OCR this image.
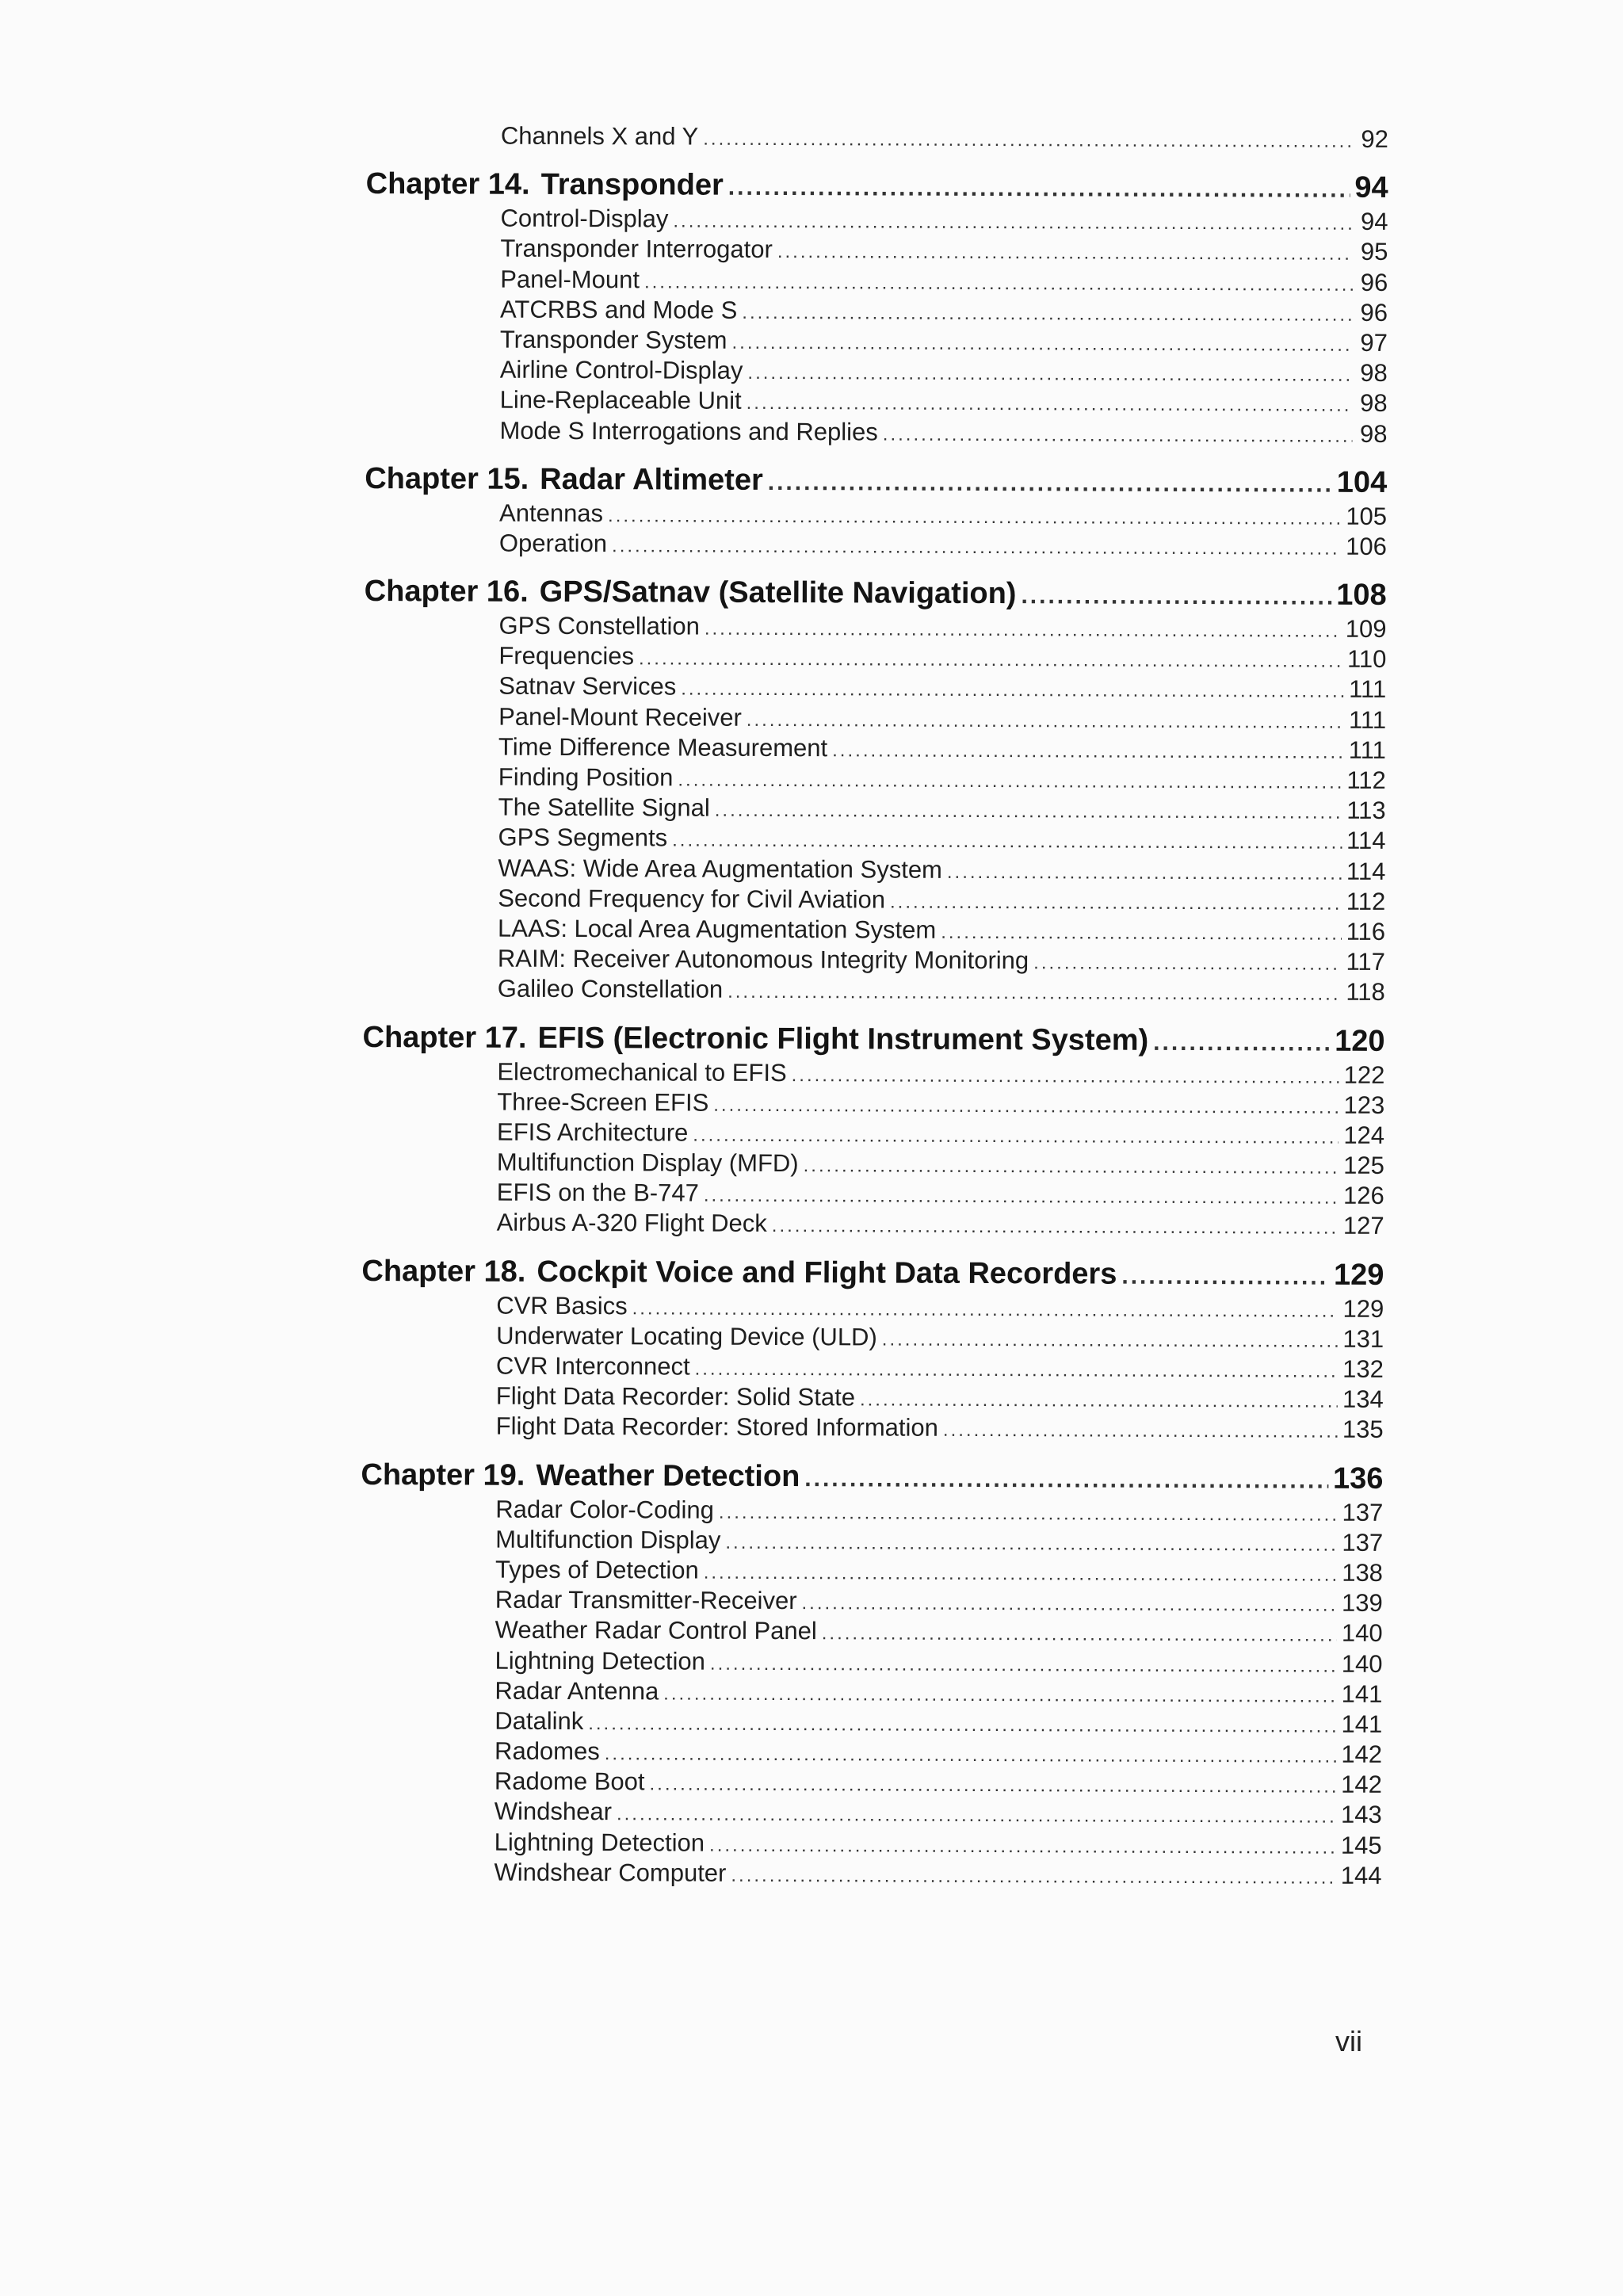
Channels X and Y .....	92
Chapter 14. Transponder .....	94
Control-Display .....	94
Transponder Interrogator .....	95
Panel-Mount .....	96
ATCRBS and Mode S .....	96
Transponder System .....	97
Airline Control-Display .....	98
Line-Replaceable Unit .....	98
Mode S Interrogations and Replies .....	98
Chapter 15. Radar Altimeter .....	104
Antennas .....	105
Operation .....	106
Chapter 16. GPS/Satnav (Satellite Navigation) .....	108
GPS Constellation .....	109
Frequencies .....	110
Satnav Services .....	111
Panel-Mount Receiver .....	111
Time Difference Measurement .....	111
Finding Position .....	112
The Satellite Signal .....	113
GPS Segments .....	114
WAAS: Wide Area Augmentation System .....	114
Second Frequency for Civil Aviation .....	112
LAAS: Local Area Augmentation System .....	116
RAIM: Receiver Autonomous Integrity Monitoring .....	117
Galileo Constellation .....	118
Chapter 17. EFIS (Electronic Flight Instrument System) .....	120
Electromechanical to EFIS .....	122
Three-Screen EFIS .....	123
EFIS Architecture .....	124
Multifunction Display (MFD) .....	125
EFIS on the B-747 .....	126
Airbus A-320 Flight Deck .....	127
Chapter 18. Cockpit Voice and Flight Data Recorders .....	129
CVR Basics .....	129
Underwater Locating Device (ULD) .....	131
CVR Interconnect .....	132
Flight Data Recorder: Solid State .....	134
Flight Data Recorder: Stored Information .....	135
Chapter 19. Weather Detection .....	136
Radar Color-Coding .....	137
Multifunction Display .....	137
Types of Detection .....	138
Radar Transmitter-Receiver .....	139
Weather Radar Control Panel .....	140
Lightning Detection .....	140
Radar Antenna .....	141
Datalink .....	141
Radomes .....	142
Radome Boot .....	142
Windshear .....	143
Lightning Detection .....	145
Windshear Computer .....	144
vii
